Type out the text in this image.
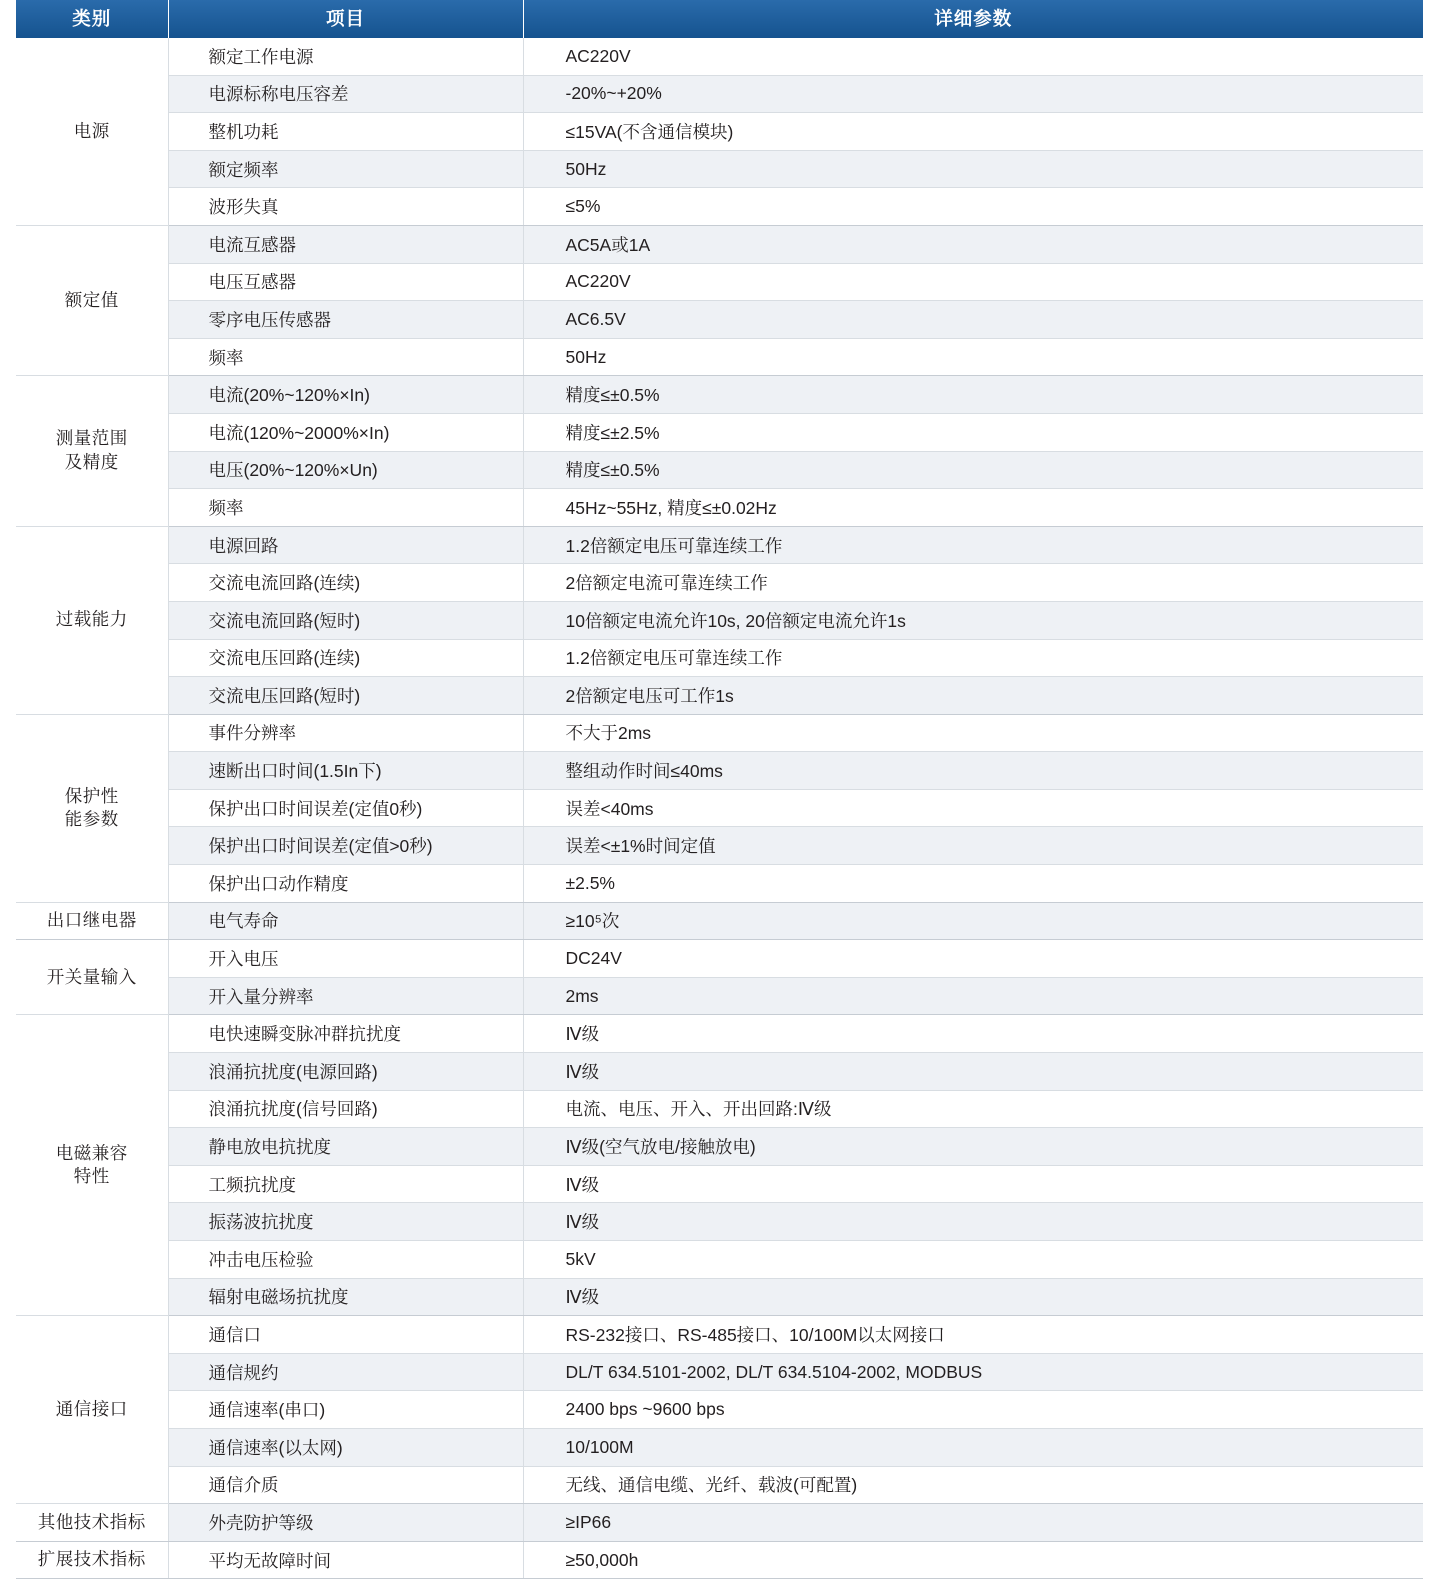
类别	项目	详细参数
电源	额定工作电源	AC220V
	电源标称电压容差	-20%~+20%
	整机功耗	≤15VA(不含通信模块)
	额定频率	50Hz
	波形失真	≤5%
额定值	电流互感器	AC5A或1A
	电压互感器	AC220V
	零序电压传感器	AC6.5V
	频率	50Hz
测量范围
及精度	电流(20%~120%×In)	精度≤±0.5%
	电流(120%~2000%×In)	精度≤±2.5%
	电压(20%~120%×Un)	精度≤±0.5%
	频率	45Hz~55Hz, 精度≤±0.02Hz
过载能力	电源回路	1.2倍额定电压可靠连续工作
	交流电流回路(连续)	2倍额定电流可靠连续工作
	交流电流回路(短时)	10倍额定电流允许10s, 20倍额定电流允许1s
	交流电压回路(连续)	1.2倍额定电压可靠连续工作
	交流电压回路(短时)	2倍额定电压可工作1s
保护性
能参数	事件分辨率	不大于2ms
	速断出口时间(1.5In下)	整组动作时间≤40ms
	保护出口时间误差(定值0秒)	误差<40ms
	保护出口时间误差(定值>0秒)	误差<±1%时间定值
	保护出口动作精度	±2.5%
出口继电器	电气寿命	≥10⁵次
开关量输入	开入电压	DC24V
	开入量分辨率	2ms
电磁兼容
特性	电快速瞬变脉冲群抗扰度	Ⅳ级
	浪涌抗扰度(电源回路)	Ⅳ级
	浪涌抗扰度(信号回路)	电流、电压、开入、开出回路:Ⅳ级
	静电放电抗扰度	Ⅳ级(空气放电/接触放电)
	工频抗扰度	Ⅳ级
	振荡波抗扰度	Ⅳ级
	冲击电压检验	5kV
	辐射电磁场抗扰度	Ⅳ级
通信接口	通信口	RS-232接口、RS-485接口、10/100M以太网接口
	通信规约	DL/T 634.5101-2002, DL/T 634.5104-2002, MODBUS
	通信速率(串口)	2400 bps ~9600 bps
	通信速率(以太网)	10/100M
	通信介质	无线、通信电缆、光纤、载波(可配置)
其他技术指标	外壳防护等级	≥IP66
扩展技术指标	平均无故障时间	≥50,000h
